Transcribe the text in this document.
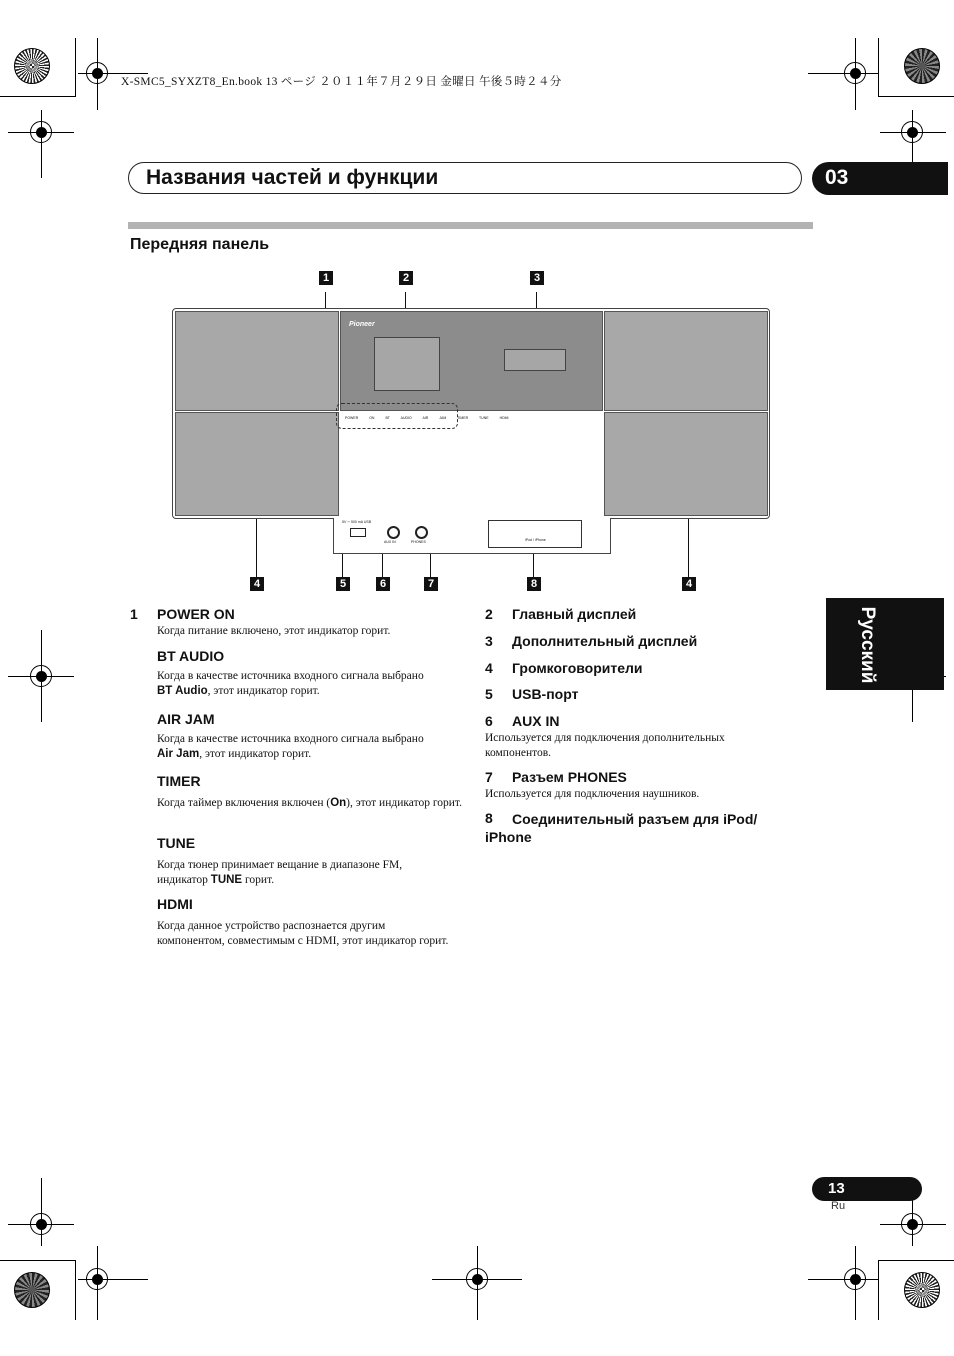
X-SMC5_SYXZT8_En.book 13 ページ ２０１１年７月２９日 金曜日 午後５時２４分
Названия частей и функции	03
Передняя панель
1	2	3
4	5	6	7	8	4
Pioneer
POWER ON	BT AUDIO	AIR JAM	TIMER	TUNE	HDMI
5V ⎓ 500 mA USB
AUX IN	PHONES	iPod / iPhone
1 POWER ON
Когда питание включено, этот индикатор горит.
BT AUDIO
Когда в качестве источника входного сигнала выбрано
BT Audio, этот индикатор горит.
AIR JAM
Когда в качестве источника входного сигнала выбрано
Air Jam, этот индикатор горит.
TIMER
Когда таймер включения включен (On), этот индикатор горит.
TUNE
Когда тюнер принимает вещание в диапазоне FM, индикатор TUNE горит.
HDMI
Когда данное устройство распознается другим компонентом, совместимым с HDMI, этот индикатор горит.
2 Главный дисплей
3 Дополнительный дисплей
4 Громкоговорители
5 USB-порт
6 AUX IN
Используется для подключения дополнительных компонентов.
7 Разъем PHONES
Используется для подключения наушников.
8	Соединительный разъем для iPod/ iPhone
Русский
13
Ru
